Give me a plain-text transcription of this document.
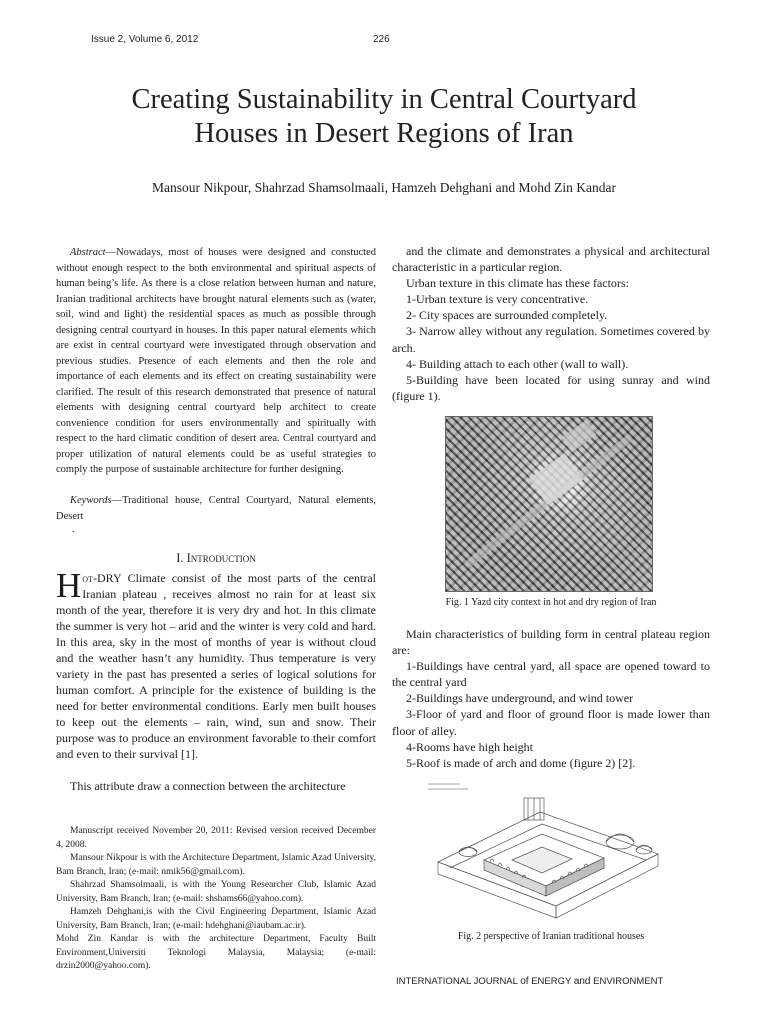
Issue 2, Volume 6, 2012	226
Creating Sustainability in Central Courtyard
Houses in Desert Regions of Iran
Mansour Nikpour, Shahrzad Shamsolmaali, Hamzeh Dehghani and Mohd Zin Kandar
Abstract—Nowadays, most of houses were designed and constucted without enough respect to the both environmental and spiritual aspects of human being’s life. As there is a close relation between human and nature, Iranian traditional architects have brought natural elements such as (water, soil, wind and light) the residential spaces as much as possible through designing central courtyard in houses. In this paper natural elements which are exist in central courtyard were investigated through observation and previous studies. Presence of each elements and then the role and importance of each elements and its effect on creating sustainability were clarified. The result of this research demonstrated that presence of natural elements with designing central courtyard help architect to create convenience condition for users environmentally and spiritually with respect to the hard climatic condition of desert area. Central courtyard and proper utilization of natural elements could be as useful strategies to comply the purpose of sustainable architecture for further designing.
Keywords—Traditional house, Central Courtyard, Natural elements, Desert
.
I. Introduction
Hot-DRY Climate consist of the most parts of the central Iranian plateau , receives almost no rain for at least six month of the year, therefore it is very dry and hot. In this climate the summer is very hot – arid and the winter is very cold and hard. In this area, sky in the most of months of year is without cloud and the weather hasn’t any humidity. Thus temperature is very variety in the past has presented a series of logical solutions for human comfort. A principle for the existence of building is the need for better environmental conditions. Early men built houses to keep out the elements – rain, wind, sun and snow. Their purpose was to produce an environment favorable to their comfort and even to their survival [1].
This attribute draw a connection between the architecture

Manuscript received November 20, 2011: Revised version received December 4, 2008.

Mansour Nikpour is with the Architecture Department, Islamic Azad University, Bam Branch, Iran; (e-mail: nmik56@gmail.com).

Shahrzad Shamsolmaali, is with the Young Researcher Club, Islamic Azad University, Bam Branch, Iran; (e-mail: shshams66@yahoo.com).

Hamzeh Dehghani,is with the Civil Engineering Department, Islamic Azad University, Bam Branch, Iran; (e-mail: hdehghani@iaubam.ac.ir).

Mohd Zin Kandar is with the architecture Department, Faculty Built Environment,Universiti Teknologi Malaysia, Malaysia; (e-mail: drzin2000@yahoo.com).

and the climate and demonstrates a physical and architectural characteristic in a particular region.

Urban texture in this climate has these factors:

1-Urban texture is very concentrative.

2- City spaces are surrounded completely.

3- Narrow alley without any regulation. Sometimes covered by arch.

4- Building attach to each other (wall to wall).

5-Building have been located for using sunray and wind (figure 1).

Fig. 1 Yazd city context in hot and dry region of Iran

Main characteristics of building form in central plateau region are:

1-Buildings have central yard, all space are opened toward to the central yard

2-Buildings have underground, and wind tower

3-Floor of yard and floor of ground floor is made lower than floor of alley.

4-Rooms have high height

5-Roof is made of arch and dome (figure 2) [2].

Fig. 2 perspective of Iranian traditional houses
INTERNATIONAL JOURNAL of ENERGY and ENVIRONMENT
